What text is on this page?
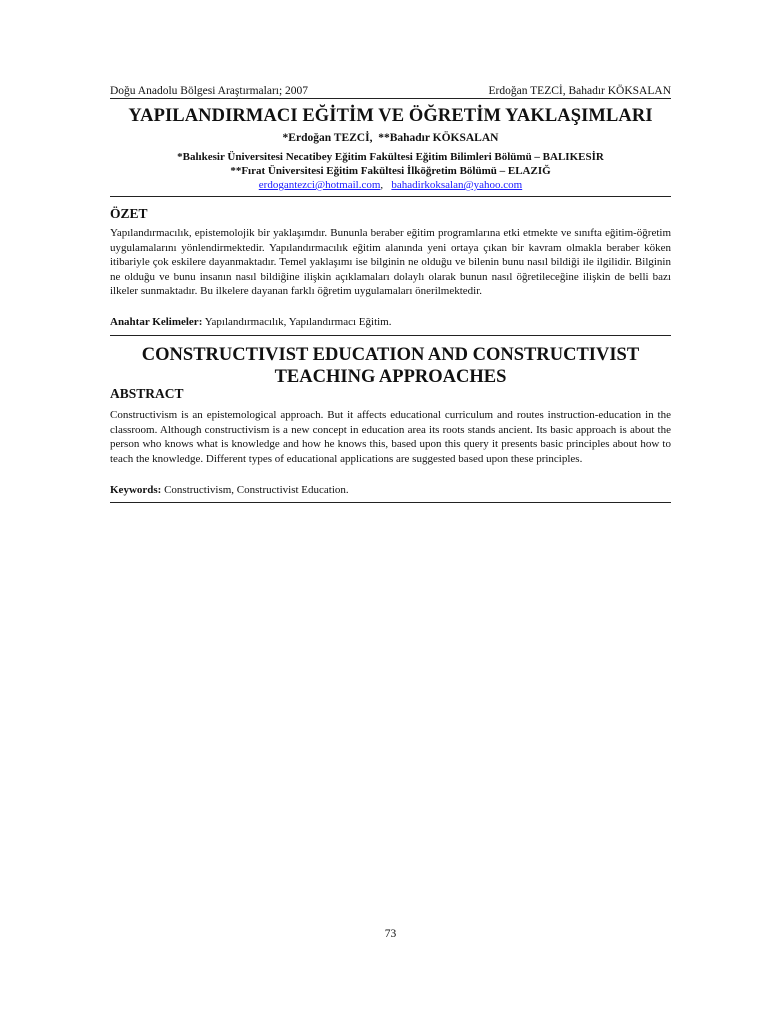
Doğu Anadolu Bölgesi Araştırmaları; 2007	Erdoğan TEZCİ, Bahadır KÖKSALAN
YAPILANDIRMACI EĞİTİM VE ÖĞRETİM YAKLAŞIMLARI
*Erdoğan TEZCİ, **Bahadır KÖKSALAN
*Balıkesir Üniversitesi Necatibey Eğitim Fakültesi Eğitim Bilimleri Bölümü – BALIKESİR
**Fırat Üniversitesi Eğitim Fakültesi İlköğretim Bölümü – ELAZIĞ
erdogantezci@hotmail.com, bahadirkoksalan@yahoo.com
ÖZET
Yapılandırmacılık, epistemolojik bir yaklaşımdır. Bununla beraber eğitim programlarına etki etmekte ve sınıfta eğitim-öğretim uygulamalarını yönlendirmektedir. Yapılandırmacılık eğitim alanında yeni ortaya çıkan bir kavram olmakla beraber köken itibariyle çok eskilere dayanmaktadır. Temel yaklaşımı ise bilginin ne olduğu ve bilenin bunu nasıl bildiği ile ilgilidir. Bilginin ne olduğu ve bunu insanın nasıl bildiğine ilişkin açıklamaları dolaylı olarak bunun nasıl öğretileceğine ilişkin de belli bazı ilkeler sunmaktadır. Bu ilkelere dayanan farklı öğretim uygulamaları önerilmektedir.
Anahtar Kelimeler: Yapılandırmacılık, Yapılandırmacı Eğitim.
CONSTRUCTIVIST EDUCATION AND CONSTRUCTIVIST
TEACHING APPROACHES
ABSTRACT
Constructivism is an epistemological approach. But it affects educational curriculum and routes instruction-education in the classroom. Although constructivism is a new concept in education area its roots stands ancient. Its basic approach is about the person who knows what is knowledge and how he knows this, based upon this query it presents basic principles about how to teach the knowledge. Different types of educational applications are suggested based upon these principles.
Keywords: Constructivism, Constructivist Education.
73
